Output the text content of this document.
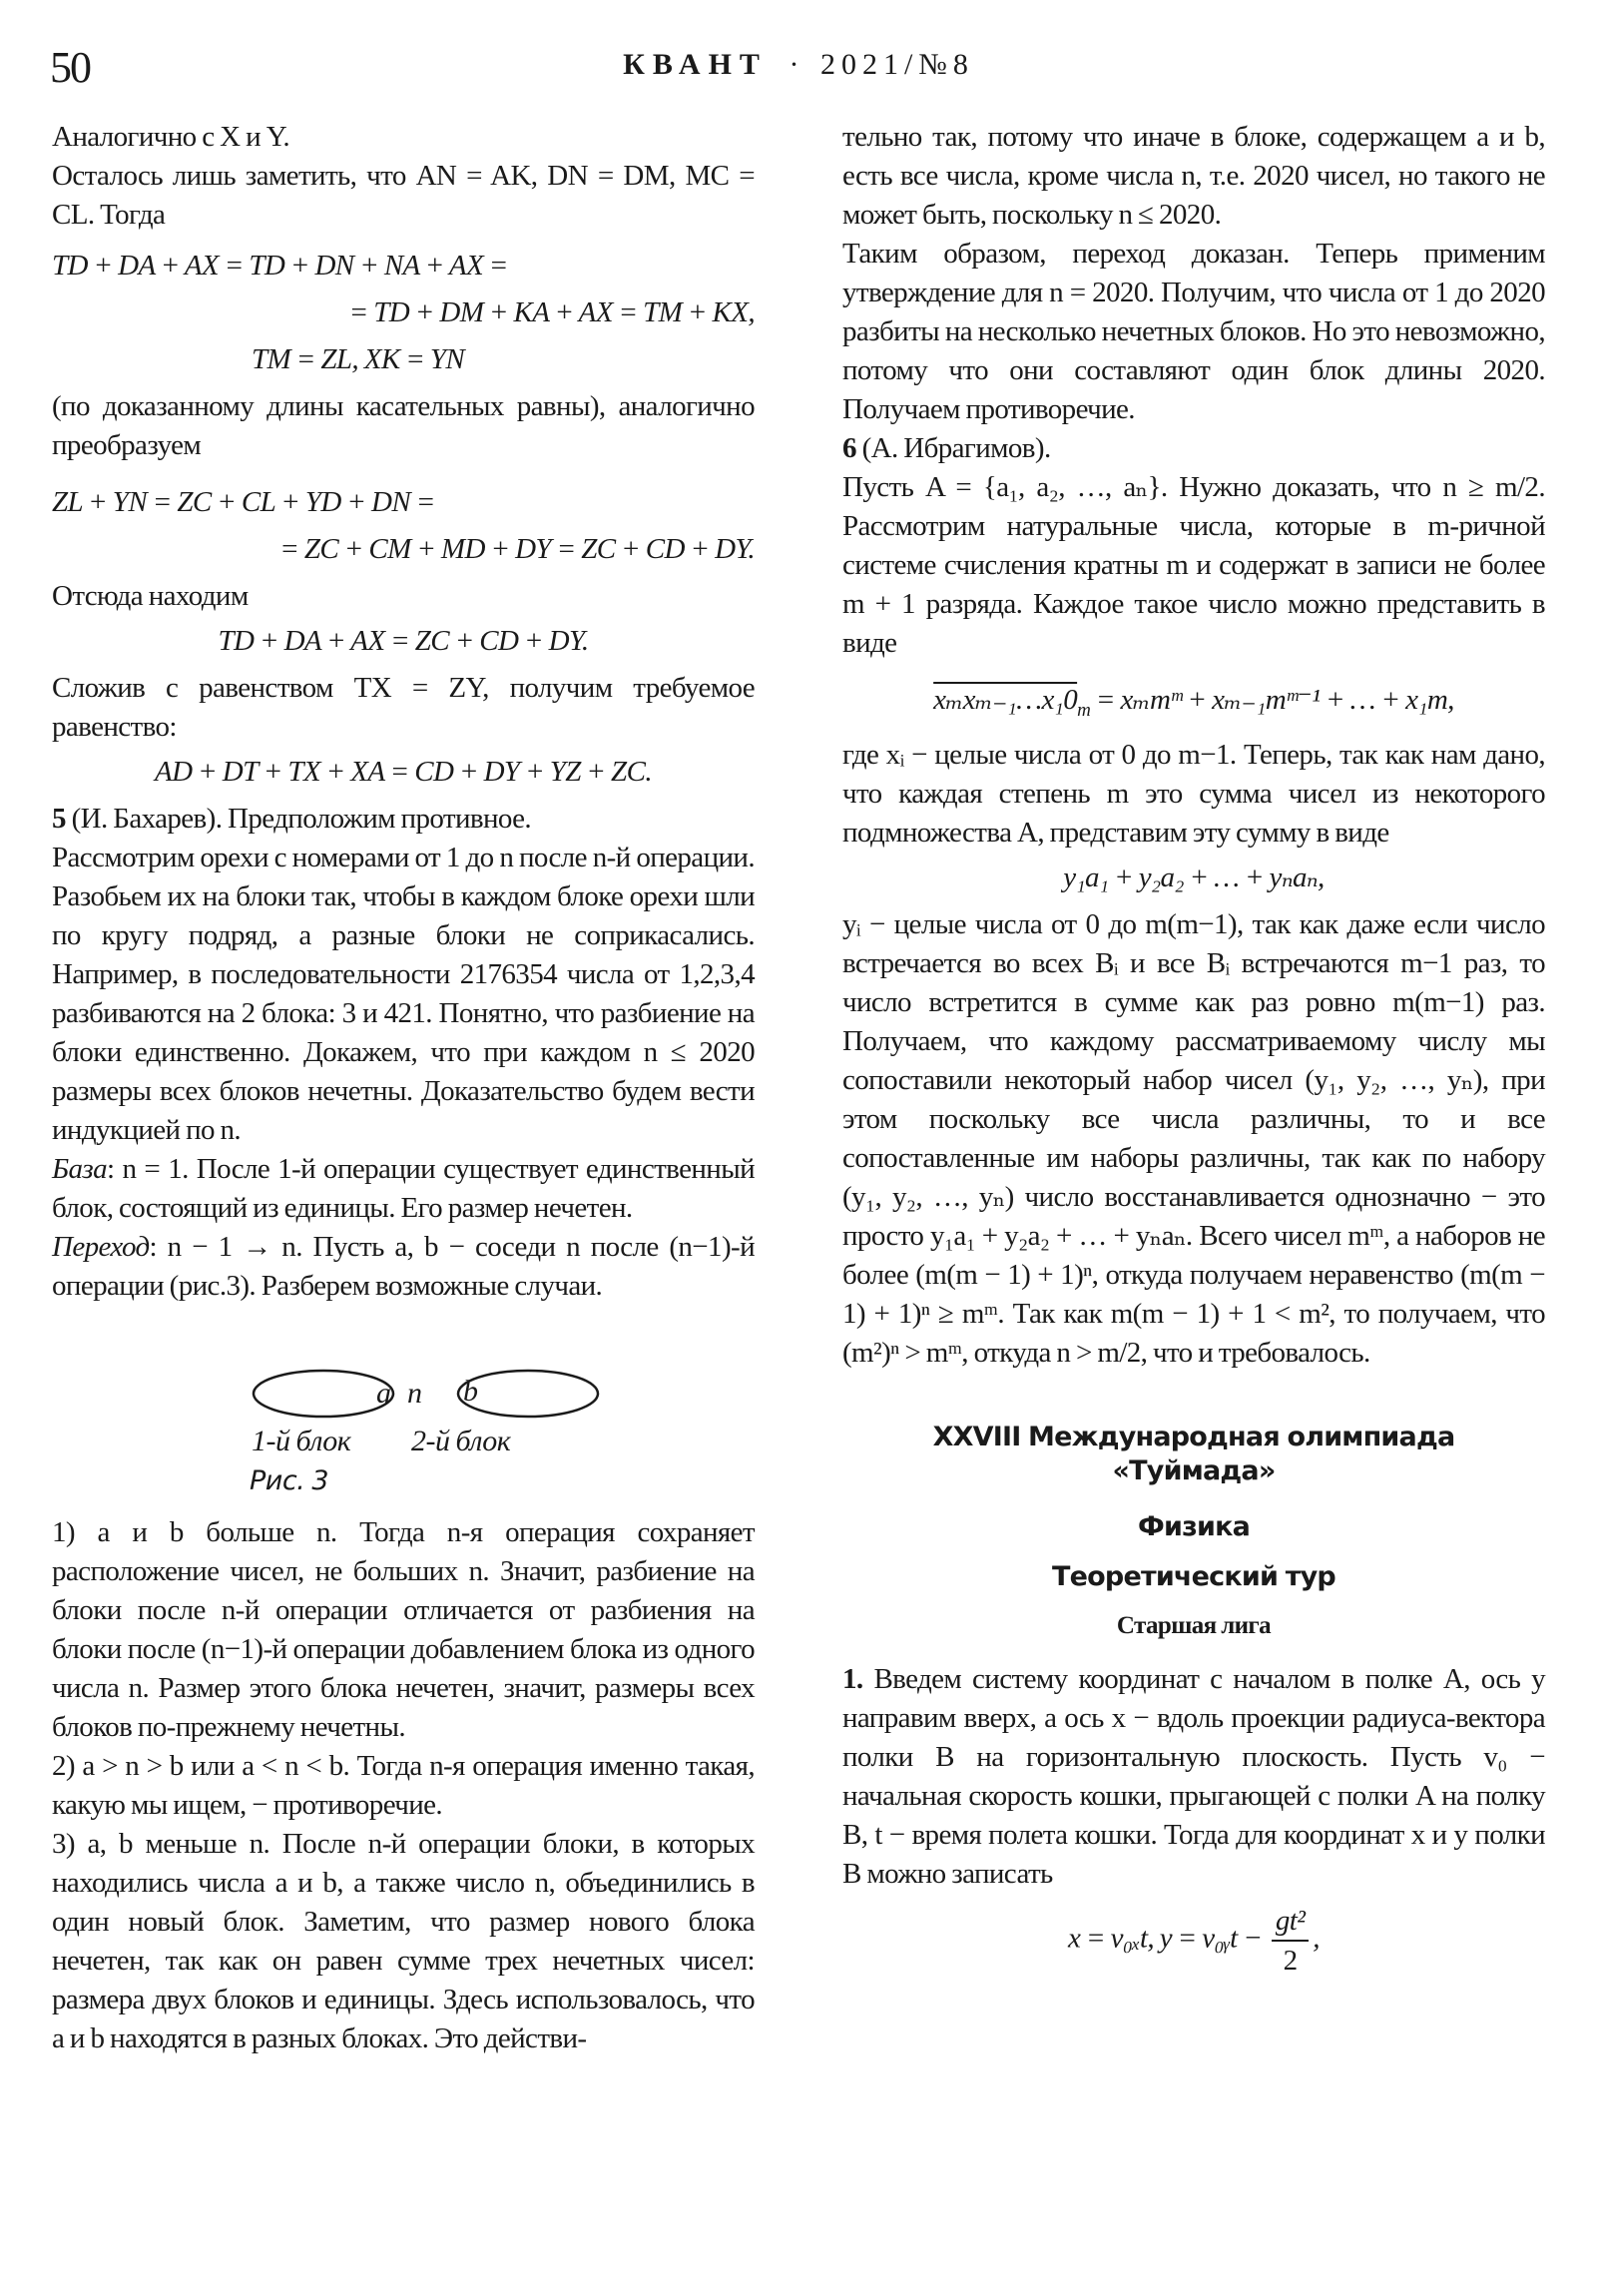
50	КВАНТ · 2021/№8

Аналогично с X и Y.

Осталось лишь заметить, что AN = AK, DN = DM, MC = CL. Тогда

TD + DA + AX = TD + DN + NA + AX =
= TD + DM + KA + AX = TM + KX,
TM = ZL, XK = YN

(по доказанному длины касательных равны), аналогично преобразуем

ZL + YN = ZC + CL + YD + DN =
= ZC + CM + MD + DY = ZC + CD + DY.

Отсюда находим

TD + DA + AX = ZC + CD + DY.

Сложив с равенством TX = ZY, получим требуемое равенство:

AD + DT + TX + XA = CD + DY + YZ + ZC.

5 (И. Бахарев). Предположим противное.

Рассмотрим орехи с номерами от 1 до n после n-й операции. Разобьем их на блоки так, чтобы в каждом блоке орехи шли по кругу подряд, а разные блоки не соприкасались. Например, в последовательности 2176354 числа от 1,2,3,4 разбиваются на 2 блока: 3 и 421. Понятно, что разбиение на блоки единственно. Докажем, что при каждом n ≤ 2020 размеры всех блоков нечетны. Доказательство будем вести индукцией по n.

База: n = 1. После 1-й операции существует единственный блок, состоящий из единицы. Его размер нечетен.

Переход: n − 1 → n. Пусть a, b − соседи n после (n−1)-й операции (рис.3). Разберем возможные случаи.

a n b
1-й блок 2-й блок
Рис. 3

1) a и b больше n. Тогда n-я операция сохраняет расположение чисел, не больших n. Значит, разбиение на блоки после n-й операции отличается от разбиения на блоки после (n−1)-й операции добавлением блока из одного числа n. Размер этого блока нечетен, значит, размеры всех блоков по-прежнему нечетны.

2) a > n > b или a < n < b. Тогда n-я операция именно такая, какую мы ищем, − противоречие.

3) a, b меньше n. После n-й операции блоки, в которых находились числа a и b, а также число n, объединились в один новый блок. Заметим, что размер нового блока нечетен, так как он равен сумме трех нечетных чисел: размера двух блоков и единицы. Здесь использовалось, что a и b находятся в разных блоках. Это действи-

тельно так, потому что иначе в блоке, содержащем a и b, есть все числа, кроме числа n, т.е. 2020 чисел, но такого не может быть, поскольку n ≤ 2020.

Таким образом, переход доказан. Теперь применим утверждение для n = 2020. Получим, что числа от 1 до 2020 разбиты на несколько нечетных блоков. Но это невозможно, потому что они составляют один блок длины 2020. Получаем противоречие.

6 (А. Ибрагимов).

Пусть A = {a₁, a₂, …, aₙ}. Нужно доказать, что n ≥ m/2. Рассмотрим натуральные числа, которые в m-ричной системе счисления кратны m и содержат в записи не более m + 1 разряда. Каждое такое число можно представить в виде

$x_mx_{m-1}\dots x_10_m$ = xₘmᵐ + xₘ₋₁mᵐ⁻¹ + … + x₁m,

где xᵢ − целые числа от 0 до m−1. Теперь, так как нам дано, что каждая степень m это сумма чисел из некоторого подмножества A, представим эту сумму в виде

y₁a₁ + y₂a₂ + … + yₙaₙ,

yᵢ − целые числа от 0 до m(m−1), так как даже если число встречается во всех Bᵢ и все Bᵢ встречаются m−1 раз, то число встретится в сумме как раз ровно m(m−1) раз. Получаем, что каждому рассматриваемому числу мы сопоставили некоторый набор чисел (y₁, y₂, …, yₙ), при этом поскольку все числа различны, то и все сопоставленные им наборы различны, так как по набору (y₁, y₂, …, yₙ) число восстанавливается однозначно − это просто y₁a₁ + y₂a₂ + … + yₙaₙ. Всего чисел mᵐ, а наборов не более (m(m − 1) + 1)ⁿ, откуда получаем неравенство (m(m − 1) + 1)ⁿ ≥ mᵐ. Так как m(m − 1) + 1 < m², то получаем, что (m²)ⁿ > mᵐ, откуда n > m/2, что и требовалось.

XXVIII Международная олимпиада
«Туймада»
Физика
Теоретический тур
Старшая лига

1. Введем систему координат с началом в полке A, ось y направим вверх, а ось x − вдоль проекции радиуса-вектора полки B на горизонтальную плоскость. Пусть v₀ − начальная скорость кошки, прыгающей с полки A на полку B, t − время полета кошки. Тогда для координат x и y полки B можно записать

x = v₀ₓt, y = v₀ᵧt − $\frac{\text{gt²}}{2}$ ,
